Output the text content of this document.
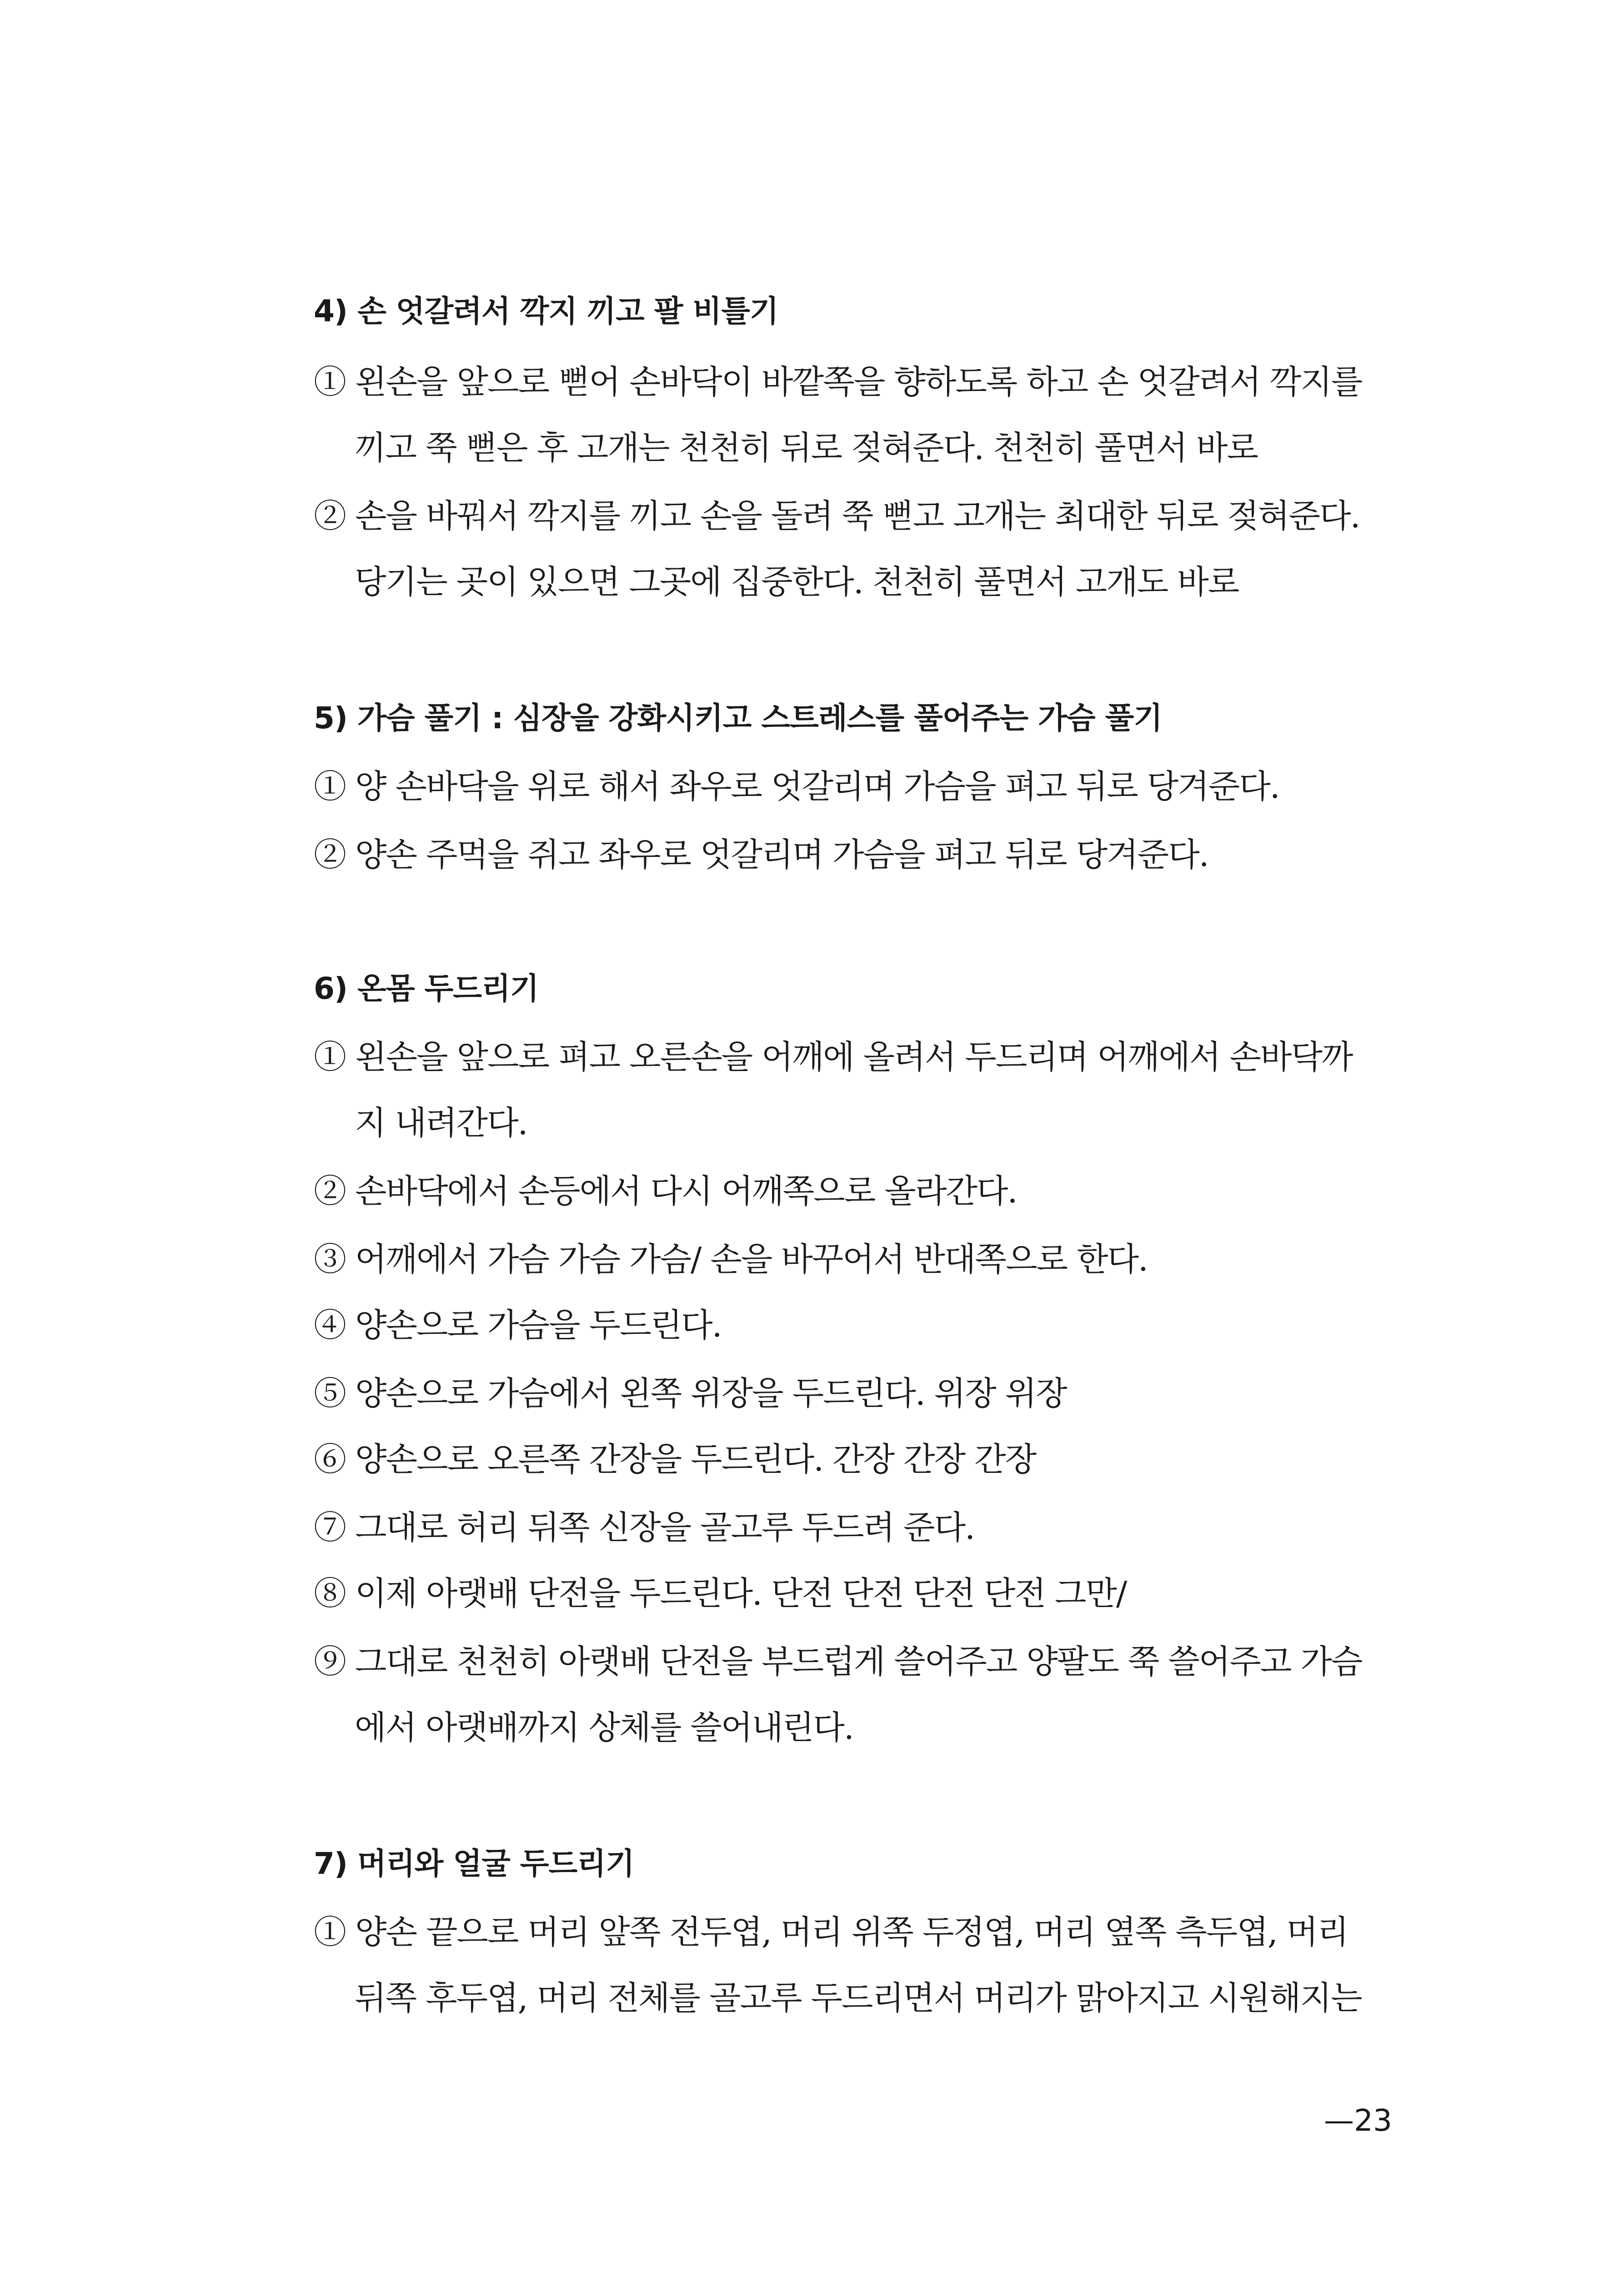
4) 손 엇갈려서 깍지 끼고 팔 비틀기
① 왼손을 앞으로 뻗어 손바닥이 바깥쪽을 향하도록 하고 손 엇갈려서 깍지를
끼고 쭉 뻗은 후 고개는 천천히 뒤로 젖혀준다. 천천히 풀면서 바로
② 손을 바꿔서 깍지를 끼고 손을 돌려 쭉 뻗고 고개는 최대한 뒤로 젖혀준다.
당기는 곳이 있으면 그곳에 집중한다. 천천히 풀면서 고개도 바로
5) 가슴 풀기 : 심장을 강화시키고 스트레스를 풀어주는 가슴 풀기
① 양 손바닥을 위로 해서 좌우로 엇갈리며 가슴을 펴고 뒤로 당겨준다.
② 양손 주먹을 쥐고 좌우로 엇갈리며 가슴을 펴고 뒤로 당겨준다.
6) 온몸 두드리기
① 왼손을 앞으로 펴고 오른손을 어깨에 올려서 두드리며 어깨에서 손바닥까
지 내려간다.
② 손바닥에서 손등에서 다시 어깨쪽으로 올라간다.
③ 어깨에서 가슴 가슴 가슴/ 손을 바꾸어서 반대쪽으로 한다.
④ 양손으로 가슴을 두드린다.
⑤ 양손으로 가슴에서 왼쪽 위장을 두드린다. 위장 위장
⑥ 양손으로 오른쪽 간장을 두드린다. 간장 간장 간장
⑦ 그대로 허리 뒤쪽 신장을 골고루 두드려 준다.
⑧ 이제 아랫배 단전을 두드린다. 단전 단전 단전 단전 그만/
⑨ 그대로 천천히 아랫배 단전을 부드럽게 쓸어주고 양팔도 쭉 쓸어주고 가슴
에서 아랫배까지 상체를 쓸어내린다.
7) 머리와 얼굴 두드리기
① 양손 끝으로 머리 앞쪽 전두엽, 머리 위쪽 두정엽, 머리 옆쪽 측두엽, 머리
뒤쪽 후두엽, 머리 전체를 골고루 두드리면서 머리가 맑아지고 시원해지는
—23
